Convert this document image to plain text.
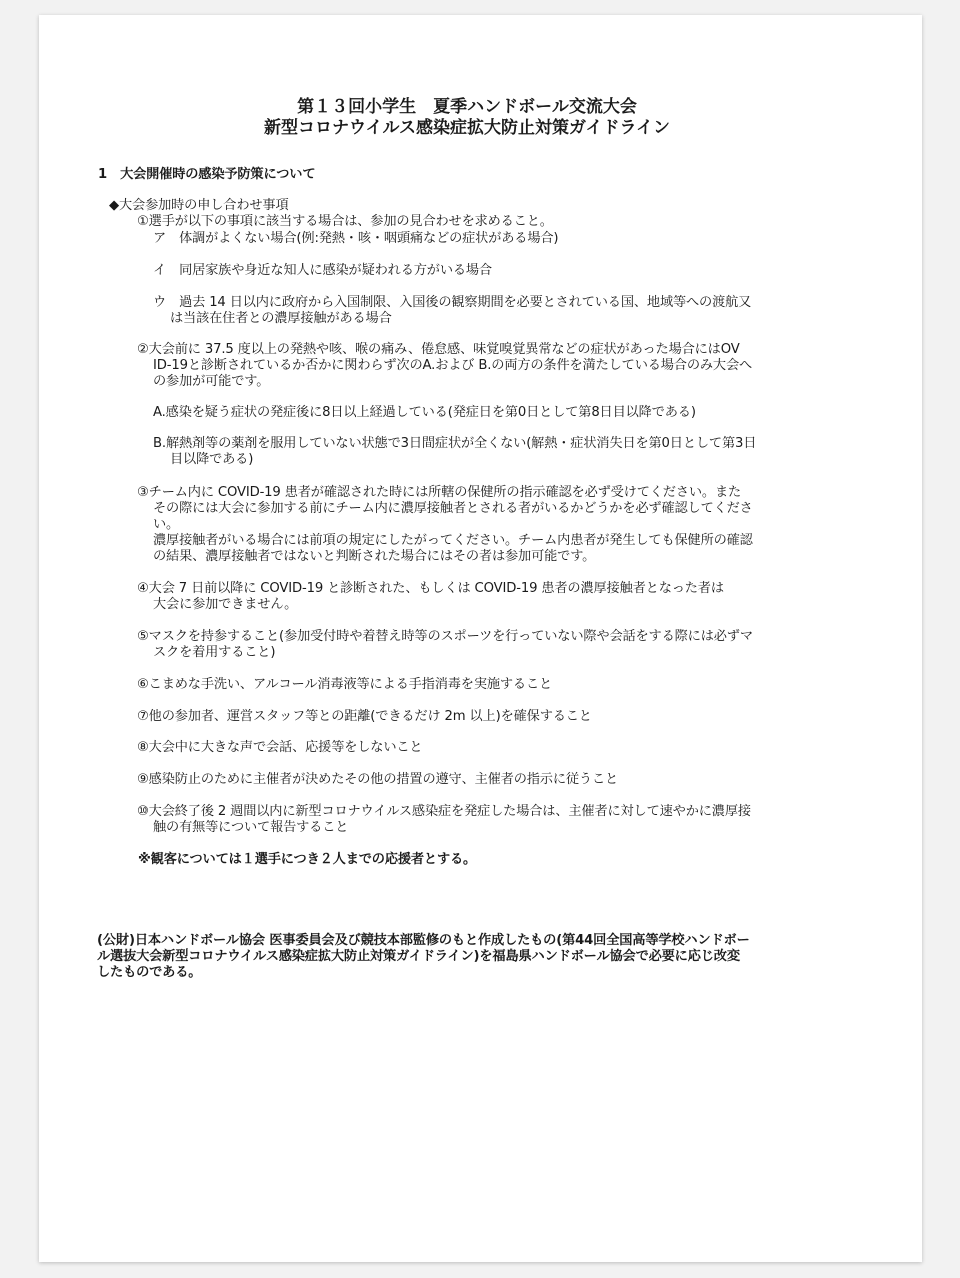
第１３回小学生　夏季ハンドボール交流大会
新型コロナウイルス感染症拡大防止対策ガイドライン
1　大会開催時の感染予防策について
◆大会参加時の申し合わせ事項
①選手が以下の事項に該当する場合は、参加の見合わせを求めること。
ア　体調がよくない場合(例:発熱・咳・咽頭痛などの症状がある場合)
イ　同居家族や身近な知人に感染が疑われる方がいる場合
ウ　過去 14 日以内に政府から入国制限、入国後の観察期間を必要とされている国、地域等への渡航又
は当該在住者との濃厚接触がある場合
②大会前に 37.5 度以上の発熱や咳、喉の痛み、倦怠感、味覚嗅覚異常などの症状があった場合にはOV
ID-19と診断されているか否かに関わらず次のA.および B.の両方の条件を満たしている場合のみ大会へ
の参加が可能です。
A.感染を疑う症状の発症後に8日以上経過している(発症日を第0日として第8日目以降である)
B.解熱剤等の薬剤を服用していない状態で3日間症状が全くない(解熱・症状消失日を第0日として第3日
目以降である)
③チーム内に COVID-19 患者が確認された時には所轄の保健所の指示確認を必ず受けてください。また
その際には大会に参加する前にチーム内に濃厚接触者とされる者がいるかどうかを必ず確認してくださ
い。
濃厚接触者がいる場合には前項の規定にしたがってください。チーム内患者が発生しても保健所の確認
の結果、濃厚接触者ではないと判断された場合にはその者は参加可能です。
④大会 7 日前以降に COVID-19 と診断された、もしくは COVID-19 患者の濃厚接触者となった者は
大会に参加できません。
⑤マスクを持参すること(参加受付時や着替え時等のスポーツを行っていない際や会話をする際には必ずマ
スクを着用すること)
⑥こまめな手洗い、アルコール消毒液等による手指消毒を実施すること
⑦他の参加者、運営スタッフ等との距離(できるだけ 2m 以上)を確保すること
⑧大会中に大きな声で会話、応援等をしないこと
⑨感染防止のために主催者が決めたその他の措置の遵守、主催者の指示に従うこと
⑩大会終了後 2 週間以内に新型コロナウイルス感染症を発症した場合は、主催者に対して速やかに濃厚接
触の有無等について報告すること
※観客については１選手につき２人までの応援者とする。
(公財)日本ハンドボール協会 医事委員会及び競技本部監修のもと作成したもの(第44回全国高等学校ハンドボー
ル選抜大会新型コロナウイルス感染症拡大防止対策ガイドライン)を福島県ハンドボール協会で必要に応じ改変
したものである。
